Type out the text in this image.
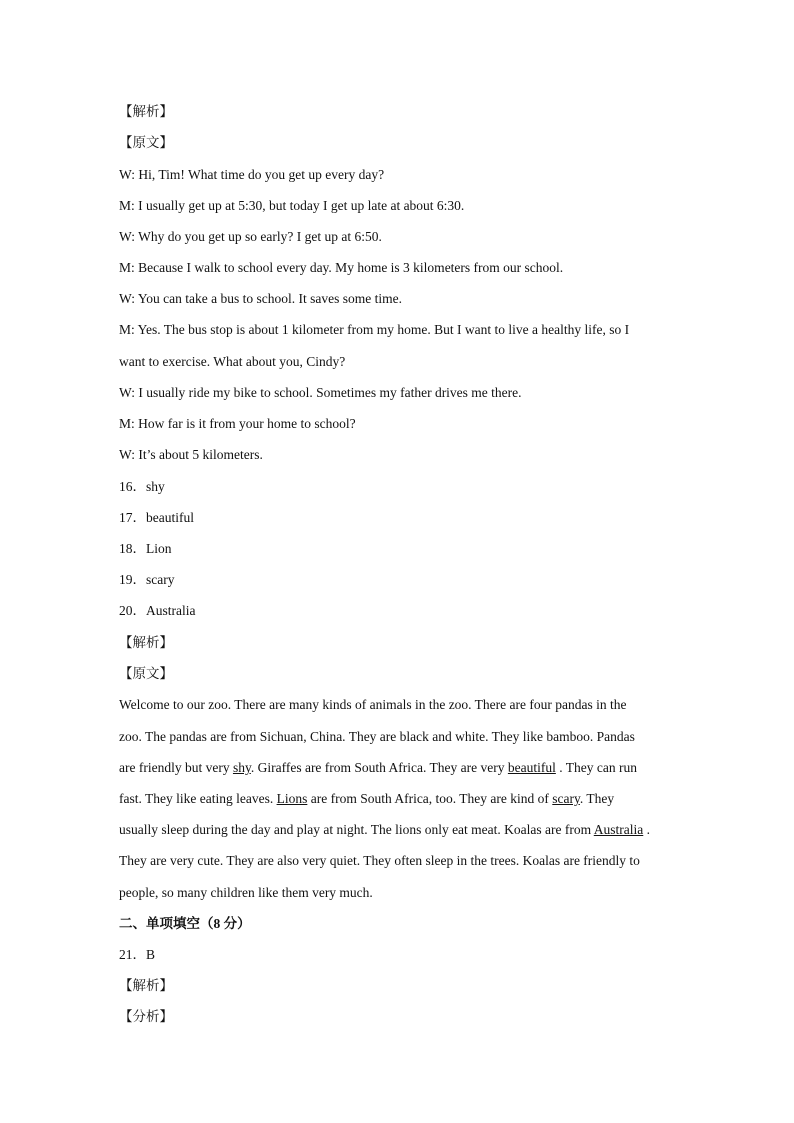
【解析】
【原文】
W: Hi, Tim! What time do you get up every day?
M: I usually get up at 5:30, but today I get up late at about 6:30.
W: Why do you get up so early? I get up at 6:50.
M: Because I walk to school every day. My home is 3 kilometers from our school.
W: You can take a bus to school. It saves some time.
M: Yes. The bus stop is about 1 kilometer from my home. But I want to live a healthy life, so I
want to exercise. What about you, Cindy?
W: I usually ride my bike to school. Sometimes my father drives me there.
M: How far is it from your home to school?
W: It’s about 5 kilometers.
16．shy
17．beautiful
18．Lion
19．scary
20．Australia
【解析】
【原文】
Welcome to our zoo. There are many kinds of animals in the zoo. There are four pandas in the
zoo. The pandas are from Sichuan, China. They are black and white. They like bamboo. Pandas
are friendly but very shy. Giraffes are from South Africa. They are very beautiful . They can run
fast. They like eating leaves. Lions are from South Africa, too. They are kind of scary. They
usually sleep during the day and play at night. The lions only eat meat. Koalas are from Australia .
They are very cute. They are also very quiet. They often sleep in the trees. Koalas are friendly to
people, so many children like them very much.
二、单项填空（8 分）
21．B
【解析】
【分析】
